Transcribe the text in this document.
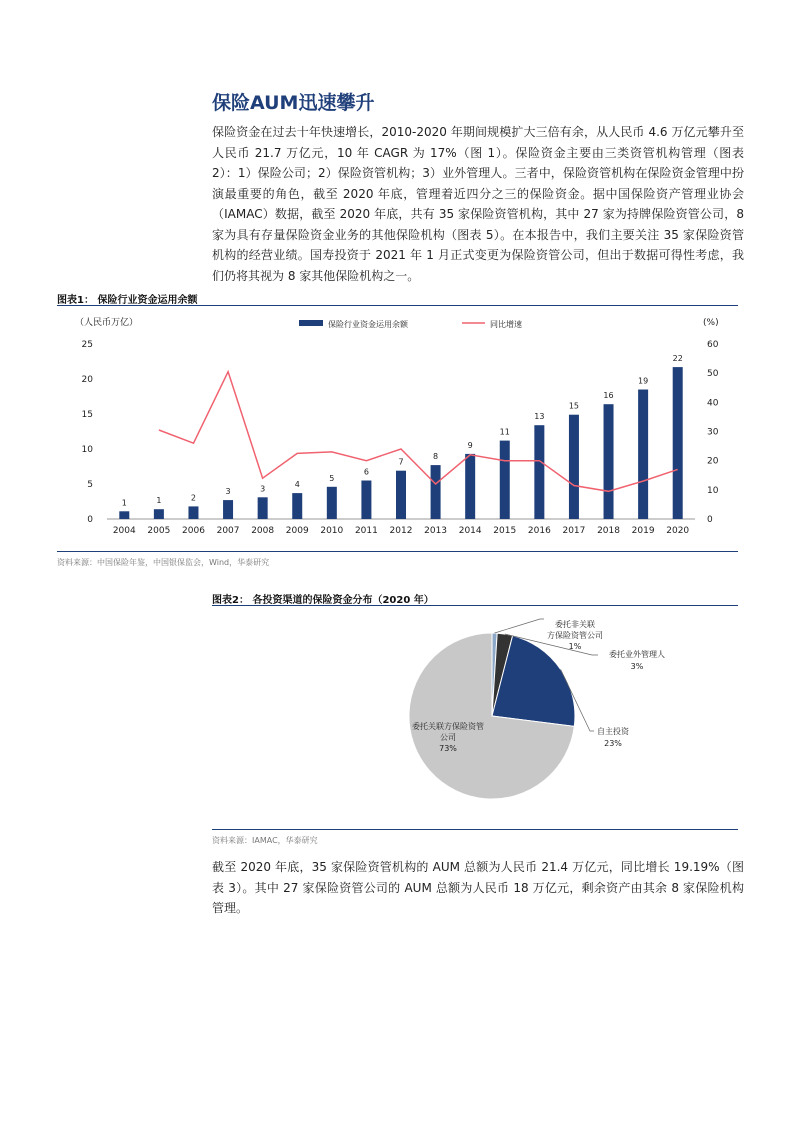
保险AUM迅速攀升

保险资金在过去十年快速增长，2010-2020 年期间规模扩大三倍有余，从人民币 4.6 万亿元攀升至人民币 21.7 万亿元，10 年 CAGR 为 17%（图 1）。保险资金主要由三类资管机构管理（图表 2）：1）保险公司；2）保险资管机构；3）业外管理人。三者中，保险资管机构在保险资金管理中扮演最重要的角色，截至 2020 年底，管理着近四分之三的保险资金。据中国保险资产管理业协会（IAMAC）数据，截至 2020 年底，共有 35 家保险资管机构，其中 27 家为持牌保险资管公司，8 家为具有存量保险资金业务的其他保险机构（图表 5）。在本报告中，我们主要关注 35 家保险资管机构的经营业绩。国寿投资于 2021 年 1 月正式变更为保险资管公司，但出于数据可得性考虑，我们仍将其视为 8 家其他保险机构之一。

图表1： 保险行业资金运用余额
（人民币万亿）	(%)
保险行业资金运用余额	同比增速
0
5
10
15
20
25
0
10
20
30
40
50
60
1
2004
1
2005
2
2006
3
2007
3
2008
4
2009
5
2010
6
2011
7
2012
8
2013
9
2014
11
2015
13
2016
15
2017
16
2018
19
2019
22
2020
资料来源：中国保险年鉴，中国银保监会，Wind，华泰研究
图表2： 各投资渠道的保险资金分布（2020 年）
委托非关联
方保险资管公司
1%
委托业外管理人
3%
自主投资
23%
委托关联方保险资管
公司
73%
资料来源：IAMAC，华泰研究

截至 2020 年底，35 家保险资管机构的 AUM 总额为人民币 21.4 万亿元，同比增长 19.19%（图表 3）。其中 27 家保险资管公司的 AUM 总额为人民币 18 万亿元，剩余资产由其余 8 家保险机构管理。
